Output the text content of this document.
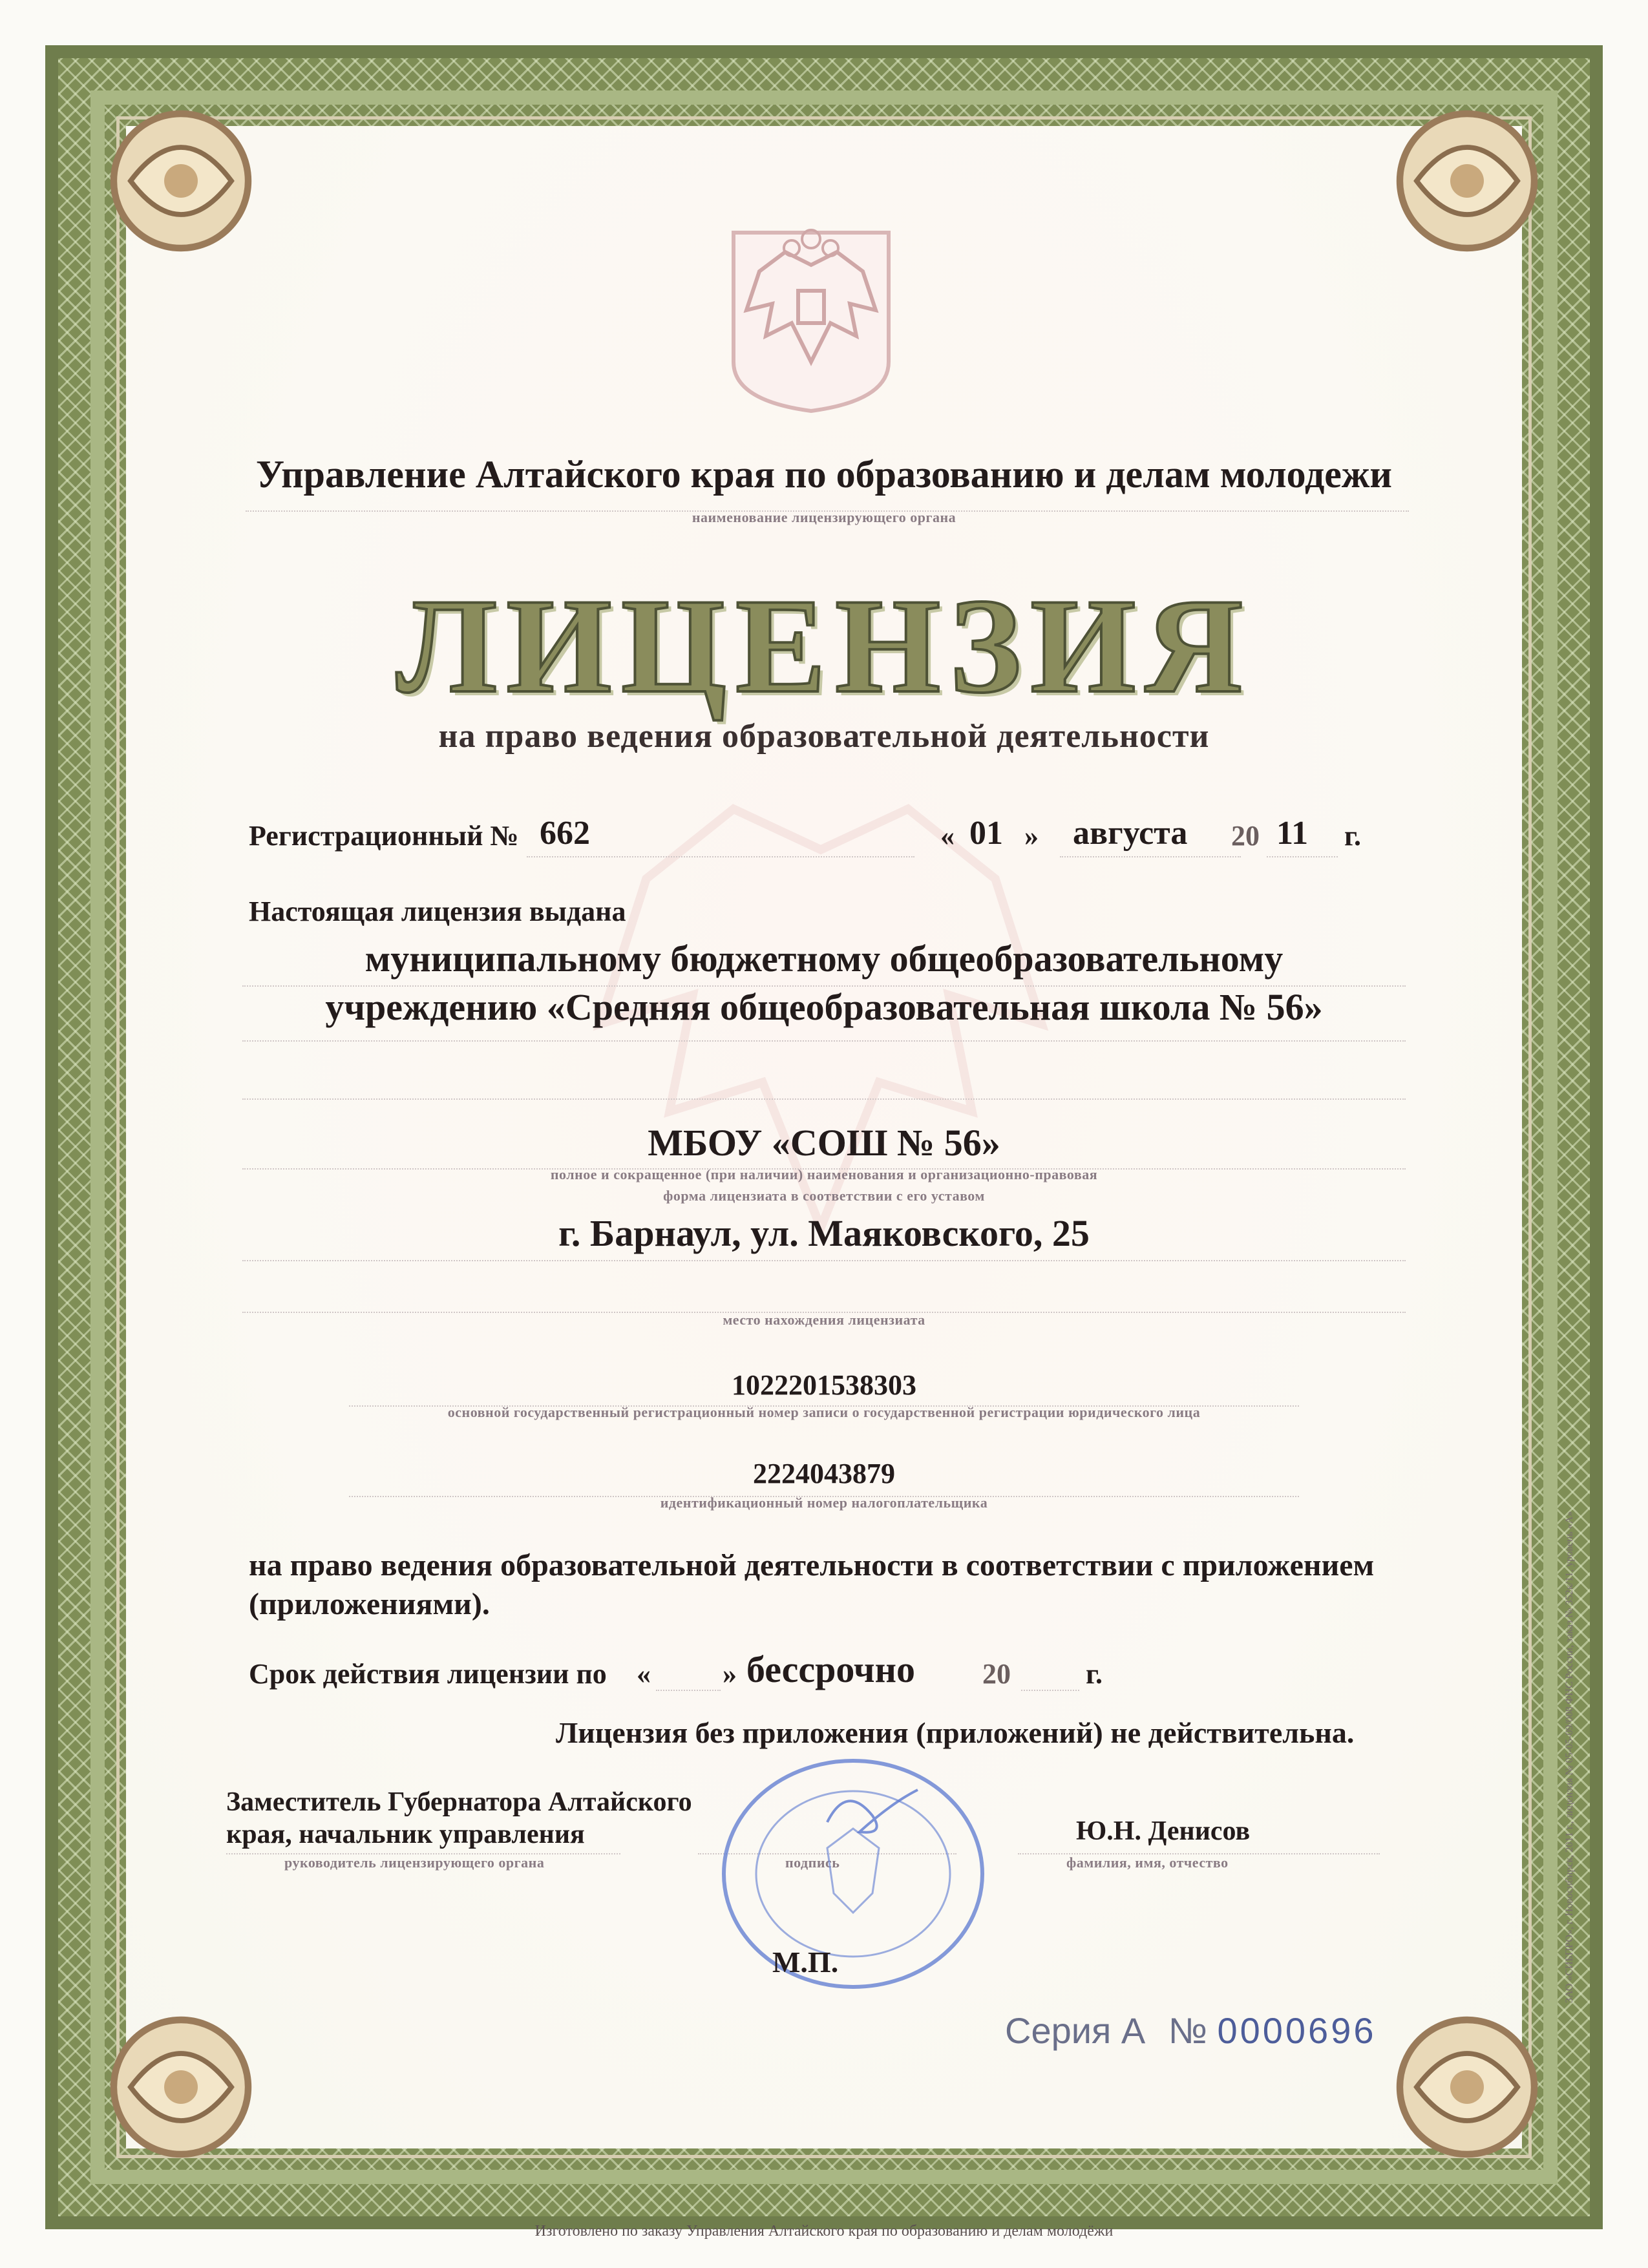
Управление Алтайского края по образованию и делам молодежи
наименование лицензирующего органа
ЛИЦЕНЗИЯ
на право ведения образовательной деятельности
Регистрационный № 662	« 01 » августа 20 11 г.
Настоящая лицензия выдана
муниципальному бюджетному общеобразовательному
учреждению «Средняя общеобразовательная школа № 56»
МБОУ «СОШ № 56»
полное и сокращенное (при наличии) наименования и организационно-правовая
форма лицензиата в соответствии с его уставом
г. Барнаул, ул. Маяковского, 25
место нахождения лицензиата
1022201538303
основной государственный регистрационный номер записи о государственной регистрации юридического лица
2224043879
идентификационный номер налогоплательщика
на право ведения образовательной деятельности в соответствии с приложением
(приложениями).
Срок действия лицензии по «	» бессрочно 20	г.
Лицензия без приложения (приложений) не действительна.
Заместитель Губернатора Алтайского
края, начальник управления
руководитель лицензирующего органа	подпись
Ю.Н. Денисов
фамилия, имя, отчество
М.П.
Серия А № 0000696
Изготовлено по заказу Управления Алтайского края по образованию и делам молодёжи
ЗАО «СИБПРО», г. Новосибирск, 2011 г., лицензия № 05-05-09/008 ФНС России, заказ № 352к/11, уровень «А»
